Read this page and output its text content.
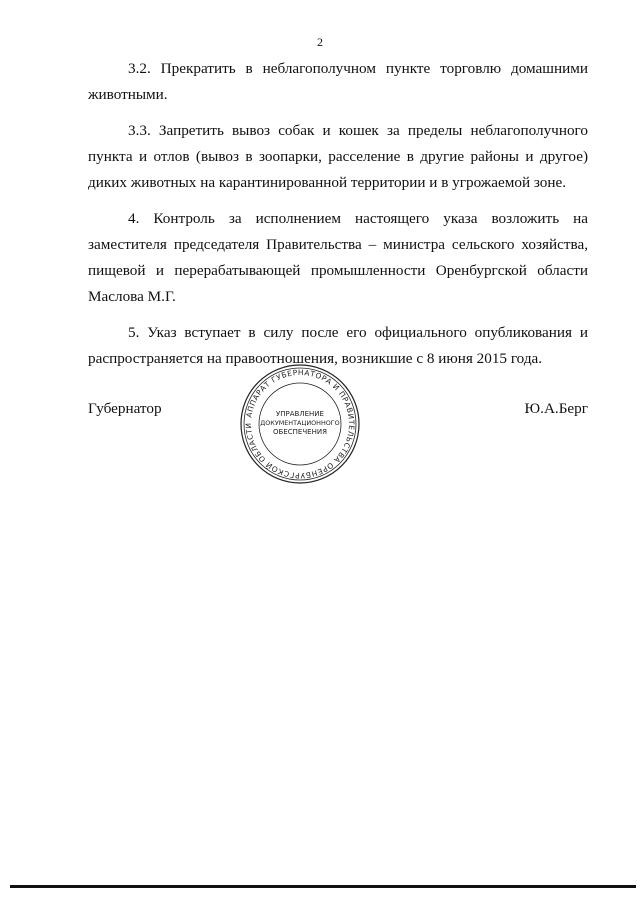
2

3.2. Прекратить в неблагополучном пункте торговлю домашними животными.

3.3. Запретить вывоз собак и кошек за пределы неблагополучного пункта и отлов (вывоз в зоопарки, расселение в другие районы и другое) диких животных на карантинированной территории и в угрожаемой зоне.

4. Контроль за исполнением настоящего указа возложить на заместителя председателя Правительства – министра сельского хозяйства, пищевой и перерабатывающей промышленности Оренбургской области Маслова М.Г.

5. Указ вступает в силу после его официального опубликования и распространяется на правоотношения, возникшие с 8 июня 2015 года.

Губернатор	АППАРАТ ГУБЕРНАТОРА И ПРАВИТЕЛЬСТВА ОРЕНБУРГСКОЙ ОБЛАСТИ
УПРАВЛЕНИЕ
ДОКУМЕНТАЦИОННОГО
ОБЕСПЕЧЕНИЯ
Ю.А.Берг
